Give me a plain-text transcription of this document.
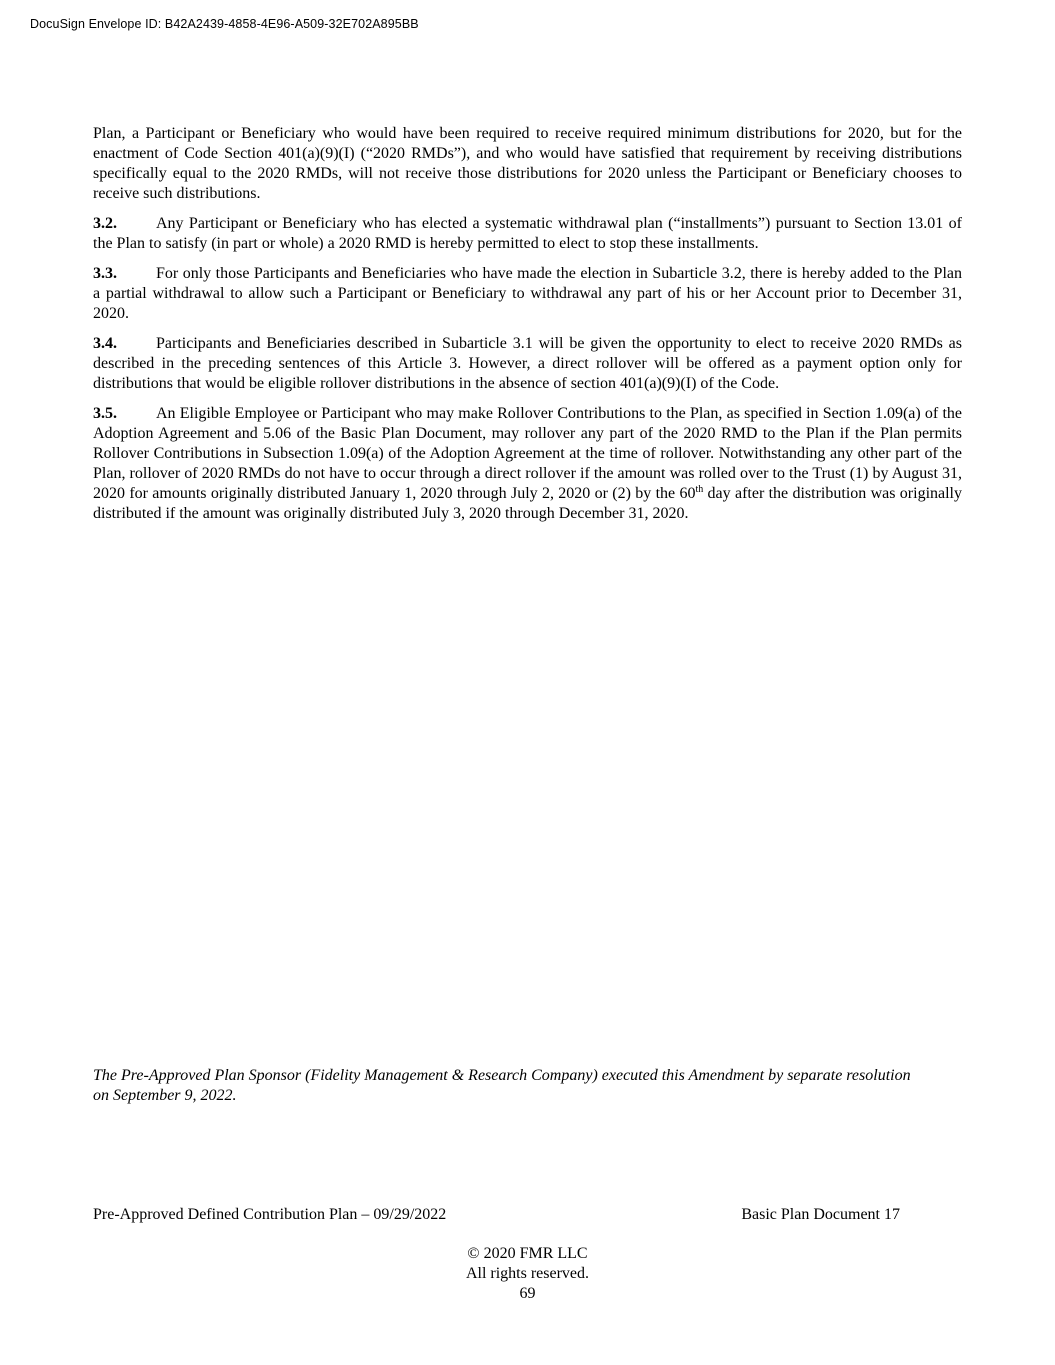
DocuSign Envelope ID: B42A2439-4858-4E96-A509-32E702A895BB

Plan, a Participant or Beneficiary who would have been required to receive required minimum distributions for 2020, but for the enactment of Code Section 401(a)(9)(I) (“2020 RMDs”), and who would have satisfied that requirement by receiving distributions specifically equal to the 2020 RMDs, will not receive those distributions for 2020 unless the Participant or Beneficiary chooses to receive such distributions.

3.2. Any Participant or Beneficiary who has elected a systematic withdrawal plan (“installments”) pursuant to Section 13.01 of the Plan to satisfy (in part or whole) a 2020 RMD is hereby permitted to elect to stop these installments.

3.3. For only those Participants and Beneficiaries who have made the election in Subarticle 3.2, there is hereby added to the Plan a partial withdrawal to allow such a Participant or Beneficiary to withdrawal any part of his or her Account prior to December 31, 2020.

3.4. Participants and Beneficiaries described in Subarticle 3.1 will be given the opportunity to elect to receive 2020 RMDs as described in the preceding sentences of this Article 3. However, a direct rollover will be offered as a payment option only for distributions that would be eligible rollover distributions in the absence of section 401(a)(9)(I) of the Code.

3.5. An Eligible Employee or Participant who may make Rollover Contributions to the Plan, as specified in Section 1.09(a) of the Adoption Agreement and 5.06 of the Basic Plan Document, may rollover any part of the 2020 RMD to the Plan if the Plan permits Rollover Contributions in Subsection 1.09(a) of the Adoption Agreement at the time of rollover. Notwithstanding any other part of the Plan, rollover of 2020 RMDs do not have to occur through a direct rollover if the amount was rolled over to the Trust (1) by August 31, 2020 for amounts originally distributed January 1, 2020 through July 2, 2020 or (2) by the 60th day after the distribution was originally distributed if the amount was originally distributed July 3, 2020 through December 31, 2020.

The Pre-Approved Plan Sponsor (Fidelity Management & Research Company) executed this Amendment by separate resolution on September 9, 2022.
Pre-Approved Defined Contribution Plan – 09/29/2022	Basic Plan Document 17
© 2020 FMR LLC
All rights reserved.
69
